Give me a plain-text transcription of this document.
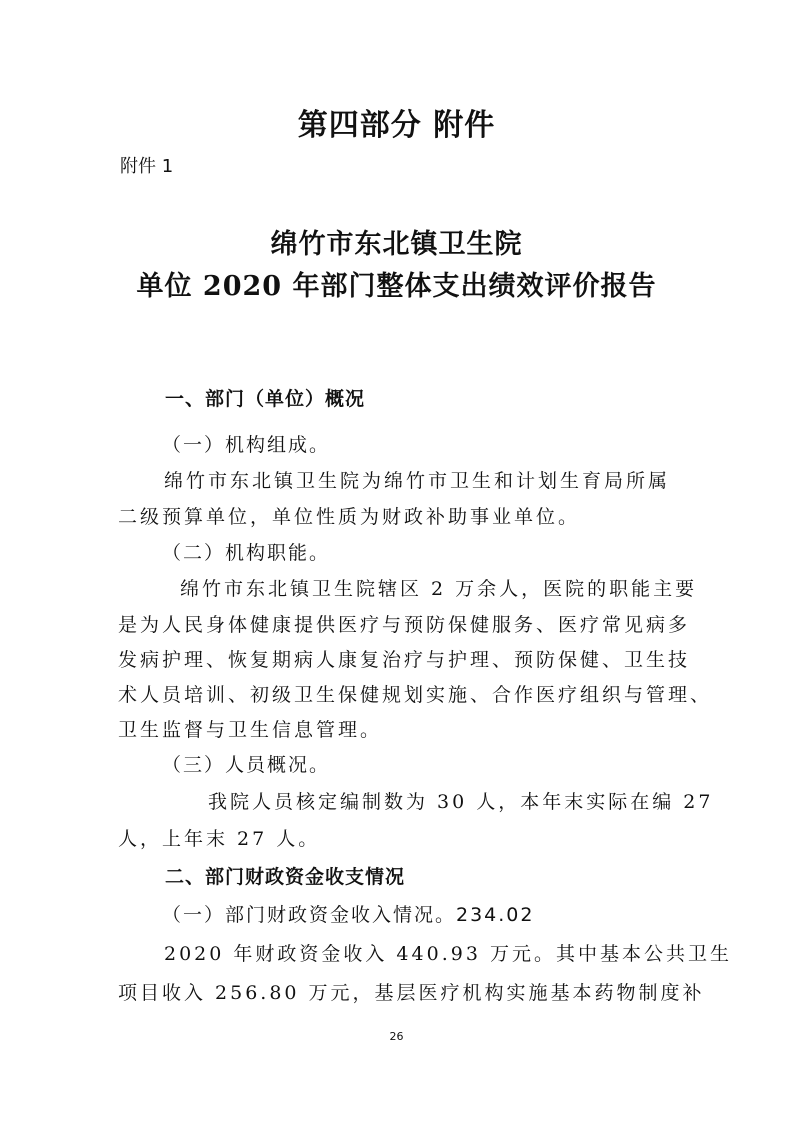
第四部分 附件
附件 1
绵竹市东北镇卫生院
单位 2020 年部门整体支出绩效评价报告
一、部门（单位）概况
（一）机构组成。
绵竹市东北镇卫生院为绵竹市卫生和计划生育局所属
二级预算单位，单位性质为财政补助事业单位。
（二）机构职能。
绵竹市东北镇卫生院辖区 2 万余人，医院的职能主要
是为人民身体健康提供医疗与预防保健服务、医疗常见病多
发病护理、恢复期病人康复治疗与护理、预防保健、卫生技
术人员培训、初级卫生保健规划实施、合作医疗组织与管理、
卫生监督与卫生信息管理。
（三）人员概况。
我院人员核定编制数为 30 人，本年末实际在编 27
人，上年末 27 人。
二、部门财政资金收支情况
（一）部门财政资金收入情况。234.02
2020 年财政资金收入 440.93 万元。其中基本公共卫生
项目收入 256.80 万元，基层医疗机构实施基本药物制度补
26
